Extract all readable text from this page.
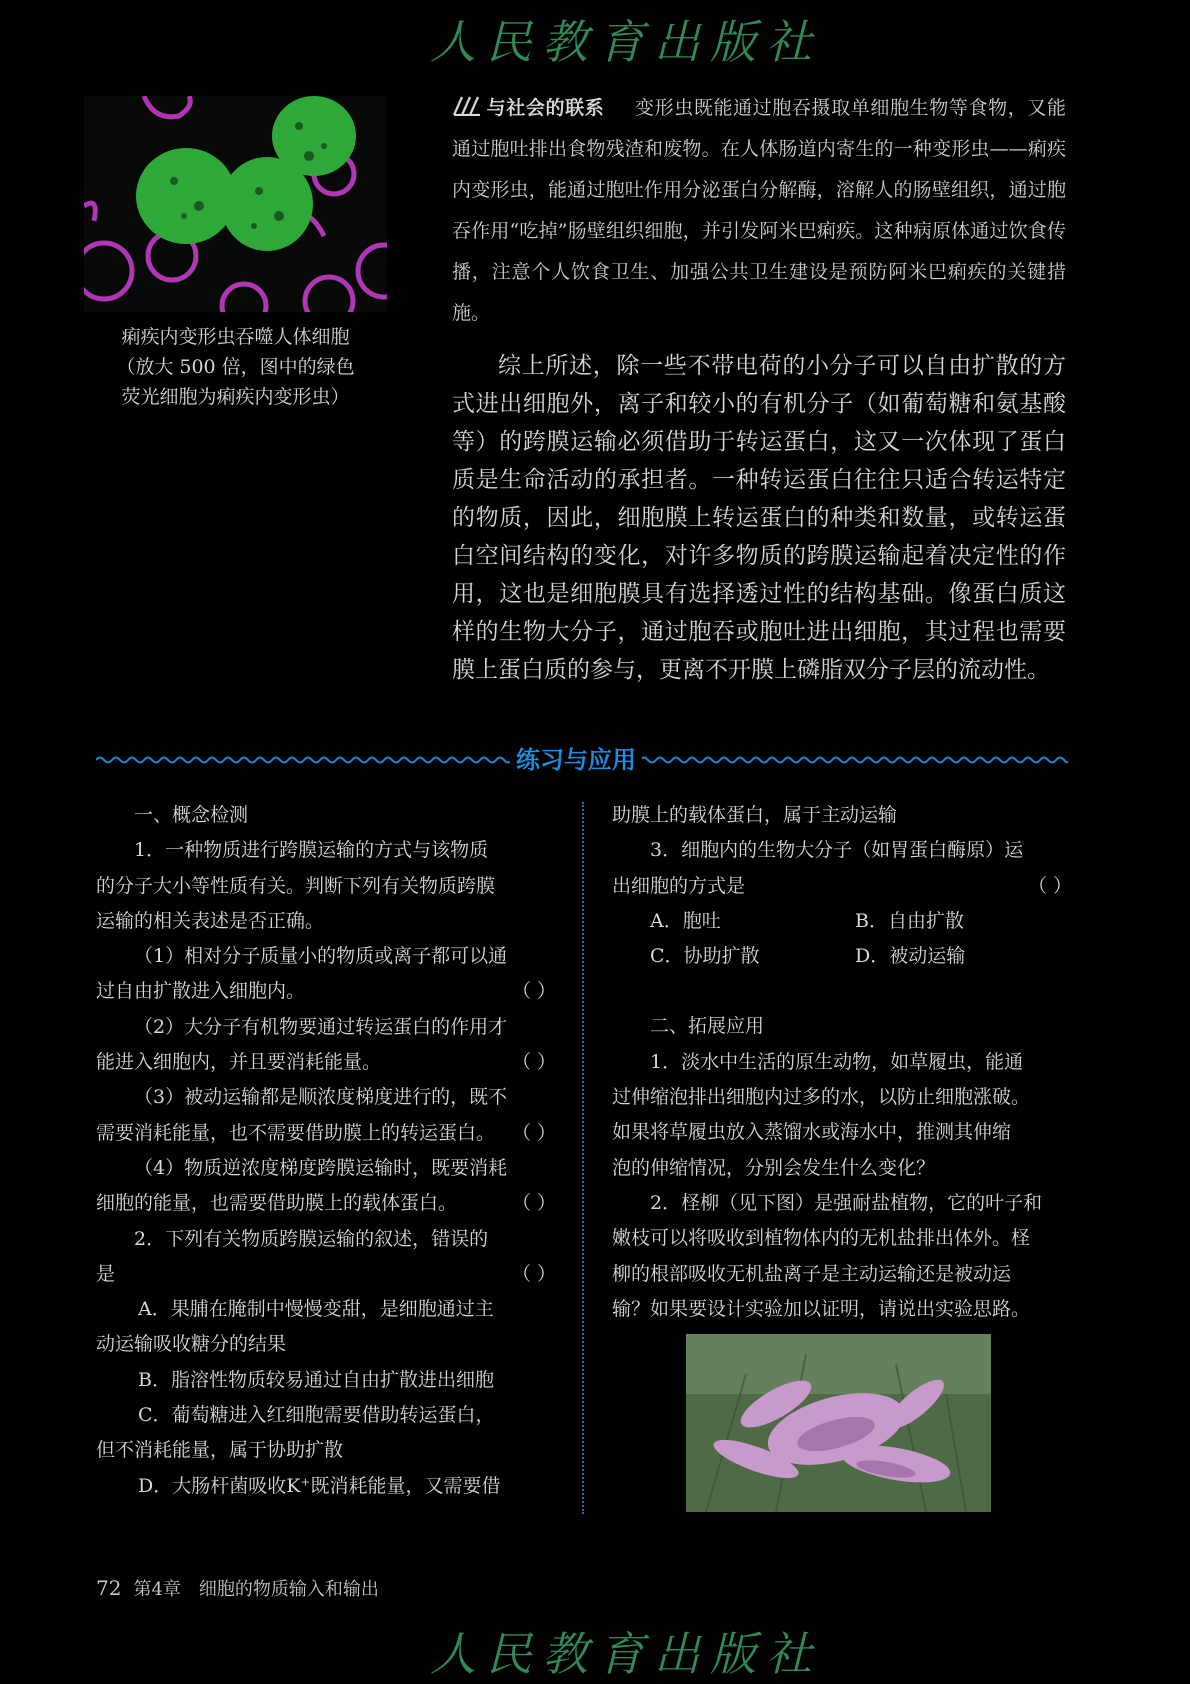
人民教育出版社
痢疾内变形虫吞噬人体细胞
（放大 500 倍，图中的绿色
荧光细胞为痢疾内变形虫）
与社会的联系 变形虫既能通过胞吞摄取单细胞生物等食物，又能通过胞吐排出食物残渣和废物。在人体肠道内寄生的一种变形虫——痢疾内变形虫，能通过胞吐作用分泌蛋白分解酶，溶解人的肠壁组织，通过胞吞作用“吃掉”肠壁组织细胞，并引发阿米巴痢疾。这种病原体通过饮食传播，注意个人饮食卫生、加强公共卫生建设是预防阿米巴痢疾的关键措施。

综上所述，除一些不带电荷的小分子可以自由扩散的方式进出细胞外，离子和较小的有机分子（如葡萄糖和氨基酸等）的跨膜运输必须借助于转运蛋白，这又一次体现了蛋白质是生命活动的承担者。一种转运蛋白往往只适合转运特定的物质，因此，细胞膜上转运蛋白的种类和数量，或转运蛋白空间结构的变化，对许多物质的跨膜运输起着决定性的作用，这也是细胞膜具有选择透过性的结构基础。像蛋白质这样的生物大分子，通过胞吞或胞吐进出细胞，其过程也需要膜上蛋白质的参与，更离不开膜上磷脂双分子层的流动性。

练习与应用
一、概念检测
1．一种物质进行跨膜运输的方式与该物质
的分子大小等性质有关。判断下列有关物质跨膜
运输的相关表述是否正确。
（1）相对分子质量小的物质或离子都可以通
过自由扩散进入细胞内。	（ ）
（2）大分子有机物要通过转运蛋白的作用才
能进入细胞内，并且要消耗能量。	（ ）
（3）被动运输都是顺浓度梯度进行的，既不
需要消耗能量，也不需要借助膜上的转运蛋白。 （ ）
（4）物质逆浓度梯度跨膜运输时，既要消耗
细胞的能量，也需要借助膜上的载体蛋白。	（ ）
2．下列有关物质跨膜运输的叙述，错误的
是	（ ）
A．果脯在腌制中慢慢变甜，是细胞通过主
动运输吸收糖分的结果
B．脂溶性物质较易通过自由扩散进出细胞
C．葡萄糖进入红细胞需要借助转运蛋白，
但不消耗能量，属于协助扩散
D．大肠杆菌吸收K⁺既消耗能量，又需要借
助膜上的载体蛋白，属于主动运输
3．细胞内的生物大分子（如胃蛋白酶原）运
出细胞的方式是	（ ）
A．胞吐	B．自由扩散
C．协助扩散	D．被动运输
二、拓展应用
1．淡水中生活的原生动物，如草履虫，能通
过伸缩泡排出细胞内过多的水，以防止细胞涨破。
如果将草履虫放入蒸馏水或海水中，推测其伸缩
泡的伸缩情况，分别会发生什么变化？
2．柽柳（见下图）是强耐盐植物，它的叶子和
嫩枝可以将吸收到植物体内的无机盐排出体外。柽
柳的根部吸收无机盐离子是主动运输还是被动运
输？如果要设计实验加以证明，请说出实验思路。
72 第4章　细胞的物质输入和输出
人民教育出版社
